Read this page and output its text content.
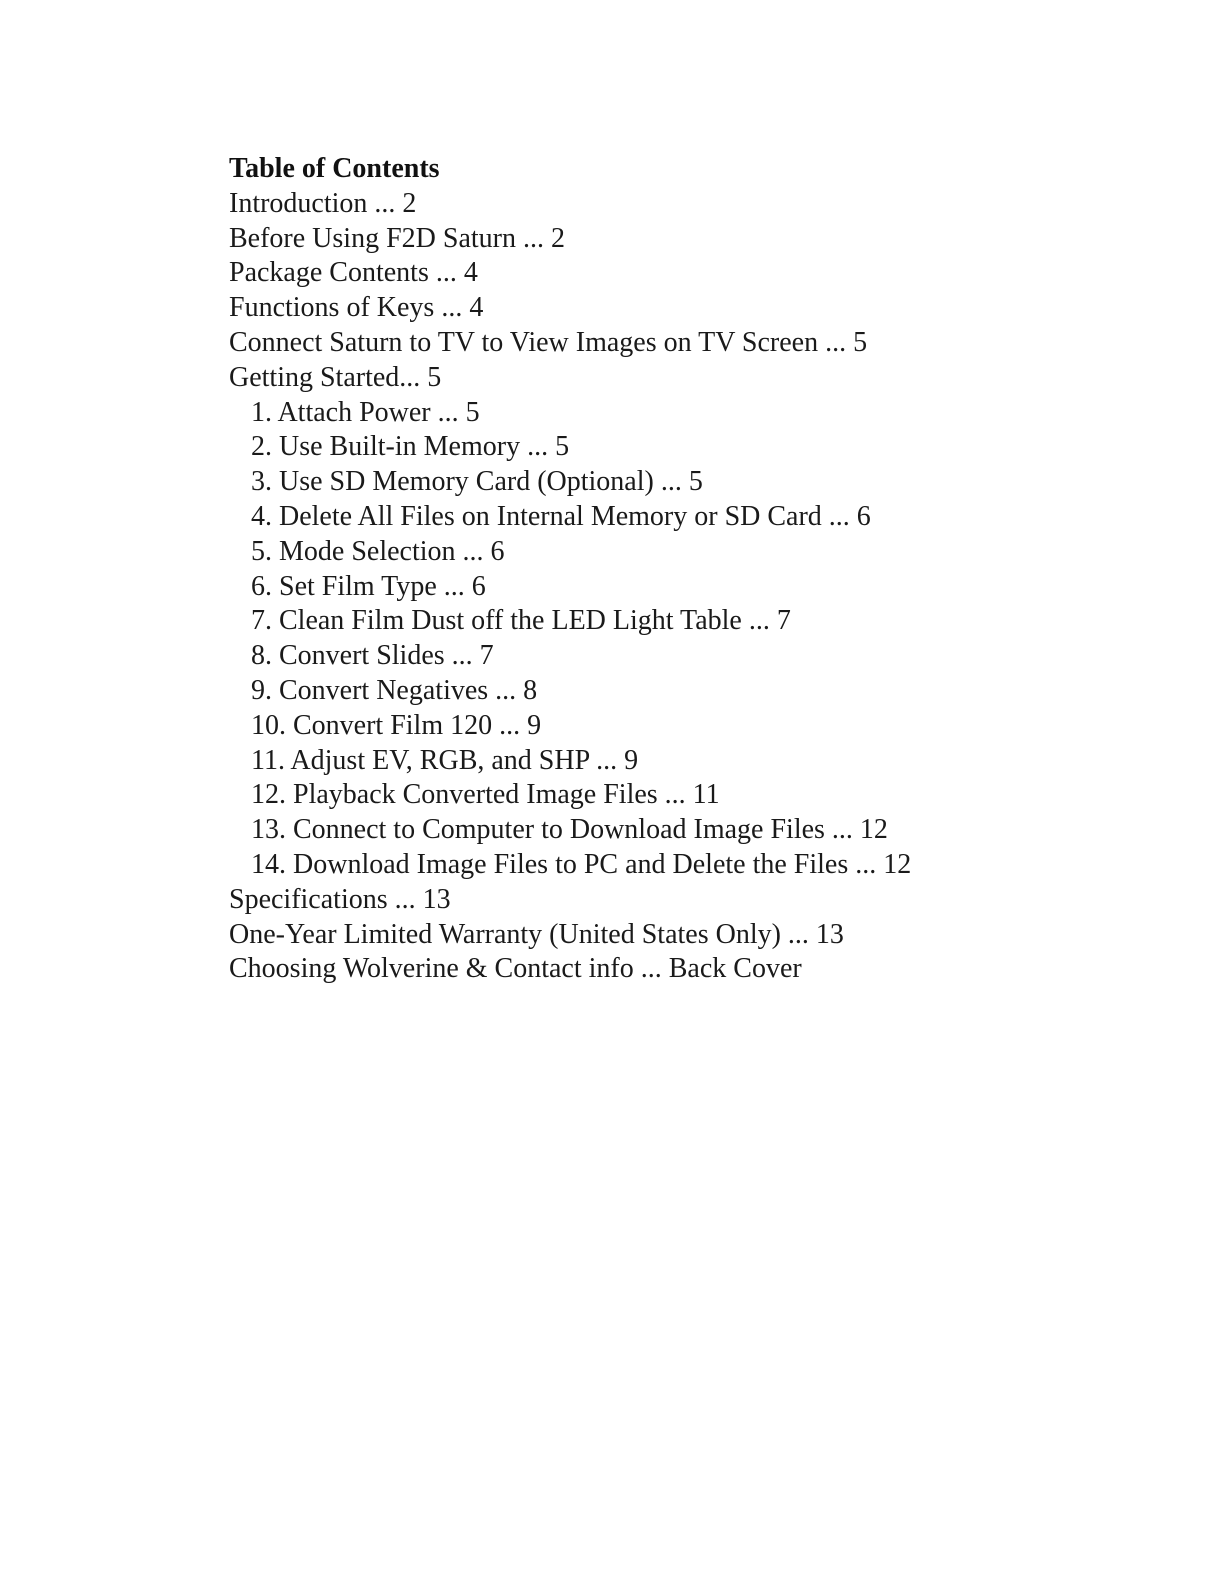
Table of Contents
Introduction ... 2
Before Using F2D Saturn ... 2
Package Contents ... 4
Functions of Keys ... 4
Connect Saturn to TV to View Images on TV Screen ... 5
Getting Started... 5
1. Attach Power ... 5
2. Use Built-in Memory ... 5
3. Use SD Memory Card (Optional) ... 5
4. Delete All Files on Internal Memory or SD Card ... 6
5. Mode Selection ... 6
6. Set Film Type ... 6
7. Clean Film Dust off the LED Light Table ... 7
8. Convert Slides ... 7
9. Convert Negatives ... 8
10. Convert Film 120 ... 9
11. Adjust EV, RGB, and SHP ... 9
12. Playback Converted Image Files ... 11
13. Connect to Computer to Download Image Files ... 12
14. Download Image Files to PC and Delete the Files ... 12
Specifications ... 13
One-Year Limited Warranty (United States Only) ... 13
Choosing Wolverine & Contact info ... Back Cover
